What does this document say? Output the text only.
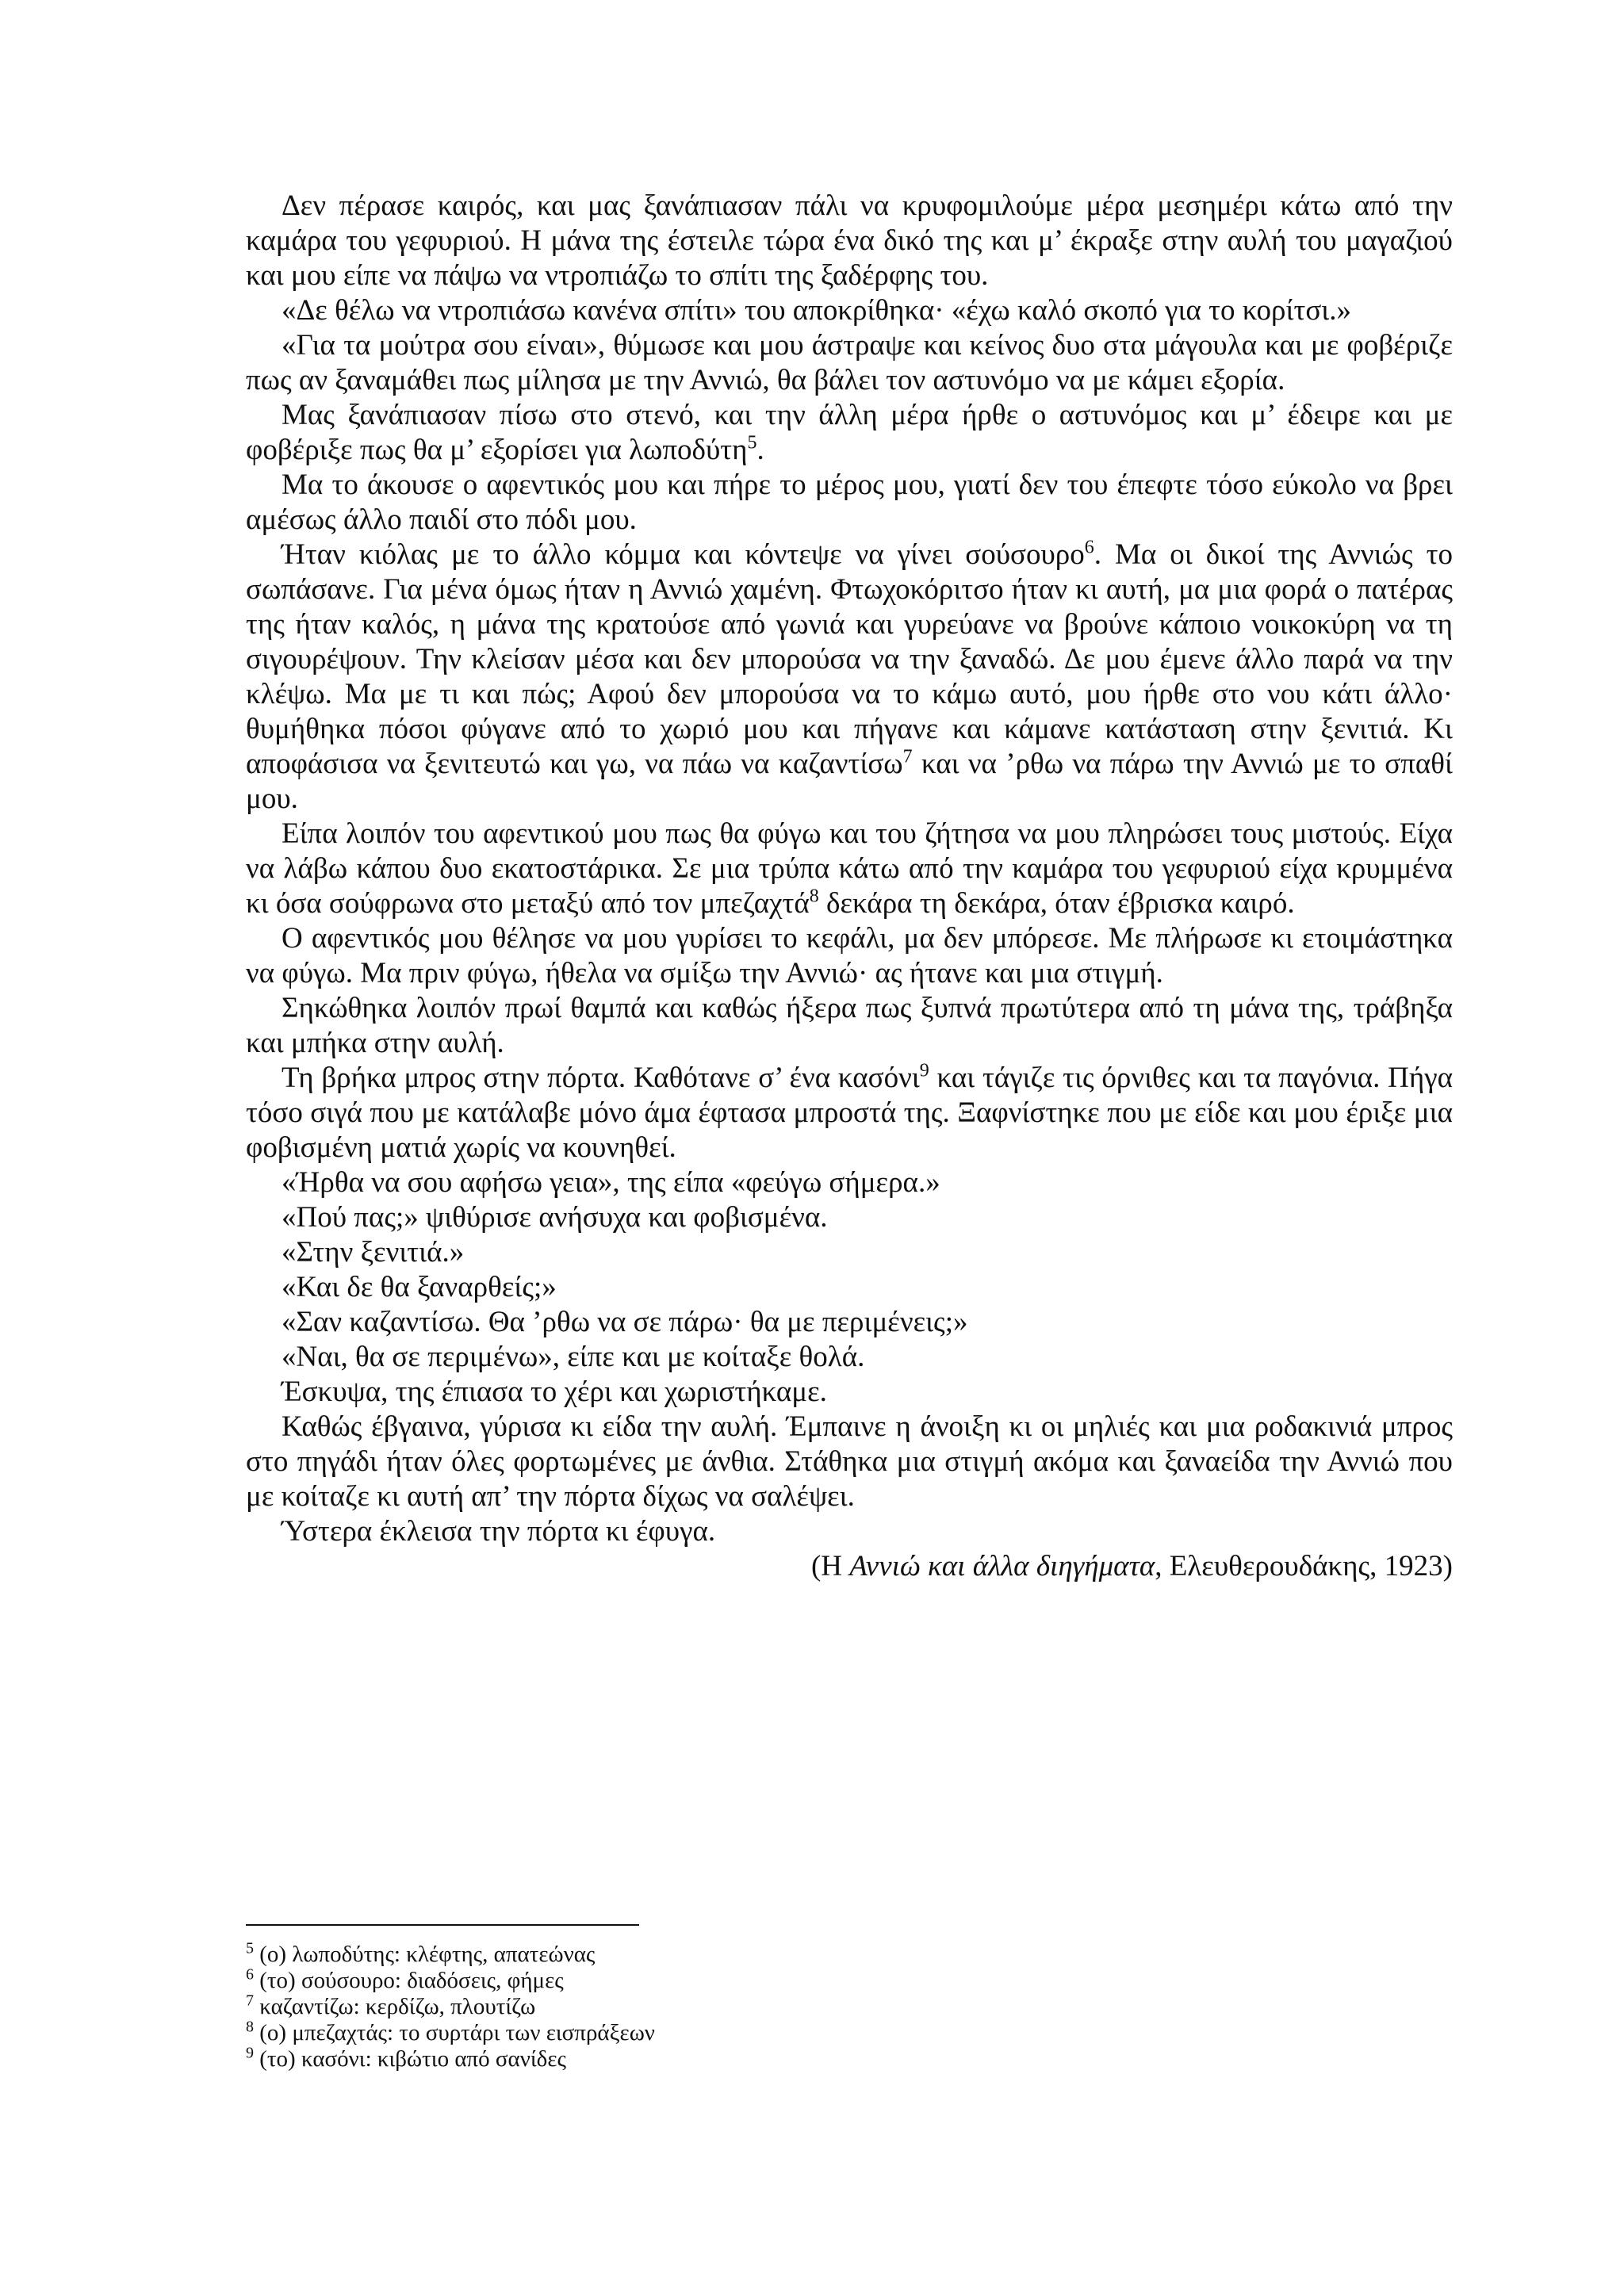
Δεν πέρασε καιρός, και μας ξανάπιασαν πάλι να κρυφομιλούμε μέρα μεσημέρι κάτω από την καμάρα του γεφυριού. Η μάνα της έστειλε τώρα ένα δικό της και μ’ έκραξε στην αυλή του μαγαζιού και μου είπε να πάψω να ντροπιάζω το σπίτι της ξαδέρφης του.

«Δε θέλω να ντροπιάσω κανένα σπίτι» του αποκρίθηκα· «έχω καλό σκοπό για το κορίτσι.»

«Για τα μούτρα σου είναι», θύμωσε και μου άστραψε και κείνος δυο στα μάγουλα και με φοβέριζε πως αν ξαναμάθει πως μίλησα με την Αννιώ, θα βάλει τον αστυνόμο να με κάμει εξορία.

Μας ξανάπιασαν πίσω στο στενό, και την άλλη μέρα ήρθε ο αστυνόμος και μ’ έδειρε και με φοβέριξε πως θα μ’ εξορίσει για λωποδύτη$^5$.

Μα το άκουσε ο αφεντικός μου και πήρε το μέρος μου, γιατί δεν του έπεφτε τόσο εύκολο να βρει αμέσως άλλο παιδί στο πόδι μου.

Ήταν κιόλας με το άλλο κόμμα και κόντεψε να γίνει σούσουρο$^6$. Μα οι δικοί της Αννιώς το σωπάσανε. Για μένα όμως ήταν η Αννιώ χαμένη. Φτωχοκόριτσο ήταν κι αυτή, μα μια φορά ο πατέρας της ήταν καλός, η μάνα της κρατούσε από γωνιά και γυρεύανε να βρούνε κάποιο νοικοκύρη να τη σιγουρέψουν. Την κλείσαν μέσα και δεν μπορούσα να την ξαναδώ. Δε μου έμενε άλλο παρά να την κλέψω. Μα με τι και πώς; Αφού δεν μπορούσα να το κάμω αυτό, μου ήρθε στο νου κάτι άλλο· θυμήθηκα πόσοι φύγανε από το χωριό μου και πήγανε και κάμανε κατάσταση στην ξενιτιά. Κι αποφάσισα να ξενιτευτώ και γω, να πάω να καζαντίσω$^7$ και να ’ρθω να πάρω την Αννιώ με το σπαθί μου.

Είπα λοιπόν του αφεντικού μου πως θα φύγω και του ζήτησα να μου πληρώσει τους μιστούς. Είχα να λάβω κάπου δυο εκατοστάρικα. Σε μια τρύπα κάτω από την καμάρα του γεφυριού είχα κρυμμένα κι όσα σούφρωνα στο μεταξύ από τον μπεζαχτά$^8$ δεκάρα τη δεκάρα, όταν έβρισκα καιρό.

Ο αφεντικός μου θέλησε να μου γυρίσει το κεφάλι, μα δεν μπόρεσε. Με πλήρωσε κι ετοιμάστηκα να φύγω. Μα πριν φύγω, ήθελα να σμίξω την Αννιώ· ας ήτανε και μια στιγμή.

Σηκώθηκα λοιπόν πρωί θαμπά και καθώς ήξερα πως ξυπνά πρωτύτερα από τη μάνα της, τράβηξα και μπήκα στην αυλή.

Τη βρήκα μπρος στην πόρτα. Καθότανε σ’ ένα κασόνι$^9$ και τάγιζε τις όρνιθες και τα παγόνια. Πήγα τόσο σιγά που με κατάλαβε μόνο άμα έφτασα μπροστά της. Ξαφνίστηκε που με είδε και μου έριξε μια φοβισμένη ματιά χωρίς να κουνηθεί.

«Ήρθα να σου αφήσω γεια», της είπα «φεύγω σήμερα.»

«Πού πας;» ψιθύρισε ανήσυχα και φοβισμένα.

«Στην ξενιτιά.»

«Και δε θα ξαναρθείς;»

«Σαν καζαντίσω. Θα ’ρθω να σε πάρω· θα με περιμένεις;»

«Ναι, θα σε περιμένω», είπε και με κοίταξε θολά.

Έσκυψα, της έπιασα το χέρι και χωριστήκαμε.

Καθώς έβγαινα, γύρισα κι είδα την αυλή. Έμπαινε η άνοιξη κι οι μηλιές και μια ροδακινιά μπρος στο πηγάδι ήταν όλες φορτωμένες με άνθια. Στάθηκα μια στιγμή ακόμα και ξαναείδα την Αννιώ που με κοίταζε κι αυτή απ’ την πόρτα δίχως να σαλέψει.

Ύστερα έκλεισα την πόρτα κι έφυγα.

(Η Αννιώ και άλλα διηγήματα, Ελευθερουδάκης, 1923)

$^5$ (ο) λωποδύτης: κλέφτης, απατεώνας
$^6$ (το) σούσουρο: διαδόσεις, φήμες
$^7$ καζαντίζω: κερδίζω, πλουτίζω
$^8$ (ο) μπεζαχτάς: το συρτάρι των εισπράξεων
$^9$ (το) κασόνι: κιβώτιο από σανίδες
